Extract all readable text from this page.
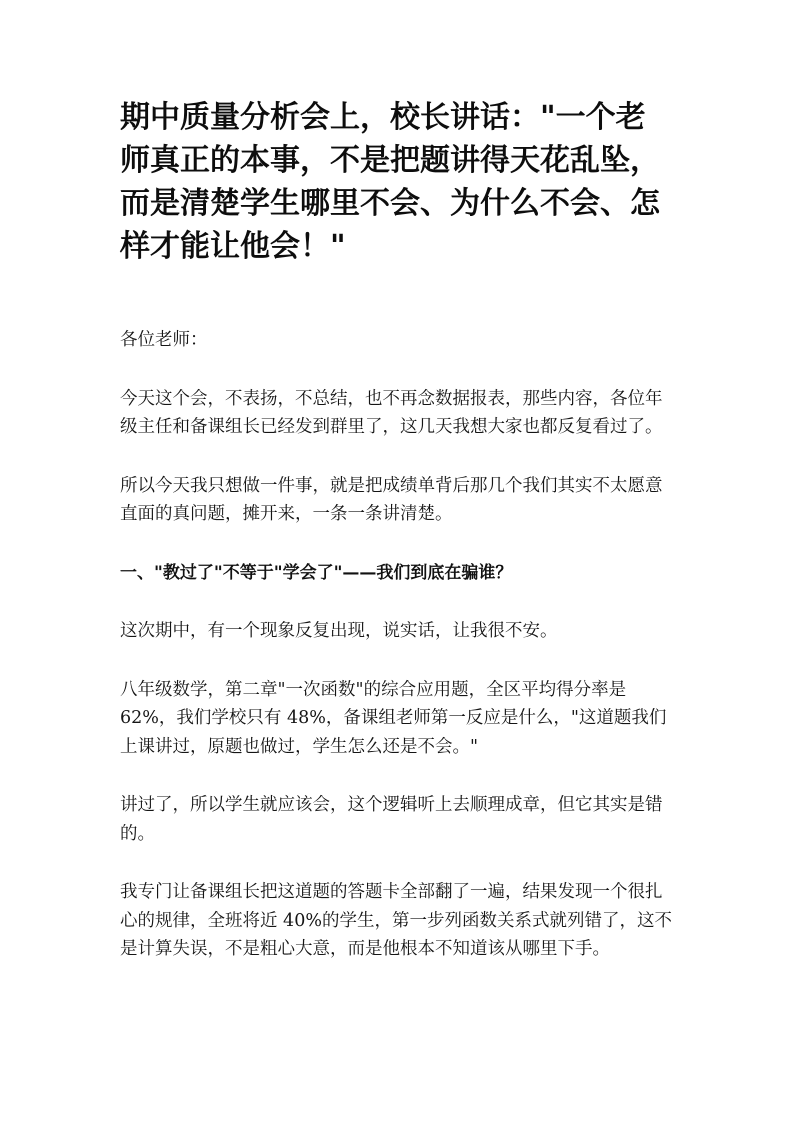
期中质量分析会上，校长讲话："一个老师真正的本事，不是把题讲得天花乱坠，而是清楚学生哪里不会、为什么不会、怎样才能让他会！"

各位老师：

今天这个会，不表扬，不总结，也不再念数据报表，那些内容，各位年级主任和备课组长已经发到群里了，这几天我想大家也都反复看过了。

所以今天我只想做一件事，就是把成绩单背后那几个我们其实不太愿意直面的真问题，摊开来，一条一条讲清楚。

一、"教过了"不等于"学会了"——我们到底在骗谁？

这次期中，有一个现象反复出现，说实话，让我很不安。

八年级数学，第二章"一次函数"的综合应用题，全区平均得分率是 62%，我们学校只有 48%，备课组老师第一反应是什么，"这道题我们上课讲过，原题也做过，学生怎么还是不会。"

讲过了，所以学生就应该会，这个逻辑听上去顺理成章，但它其实是错的。

我专门让备课组长把这道题的答题卡全部翻了一遍，结果发现一个很扎心的规律，全班将近 40%的学生，第一步列函数关系式就列错了，这不是计算失误，不是粗心大意，而是他根本不知道该从哪里下手。
